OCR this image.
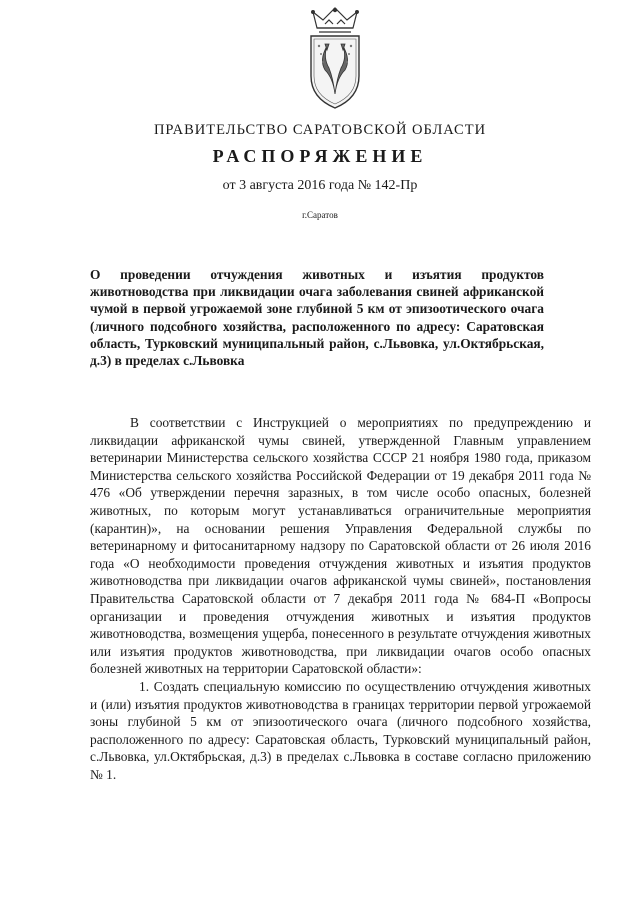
ПРАВИТЕЛЬСТВО САРАТОВСКОЙ ОБЛАСТИ
РАСПОРЯЖЕНИЕ
от 3 августа 2016 года № 142-Пр
г.Саратов
О проведении отчуждения животных и изъятия продуктов животноводства при ликвидации очага заболевания свиней африканской чумой в первой угрожаемой зоне глубиной 5 км от эпизоотического очага (личного подсобного хозяйства, расположенного по адресу: Саратовская область, Турковский муниципальный район, с.Львовка, ул.Октябрьская, д.3) в пределах с.Львовка

В соответствии с Инструкцией о мероприятиях по предупреждению и ликвидации африканской чумы свиней, утвержденной Главным управлением ветеринарии Министерства сельского хозяйства СССР 21 ноября 1980 года, приказом Министерства сельского хозяйства Российской Федерации от 19 декабря 2011 года № 476 «Об утверждении перечня заразных, в том числе особо опасных, болезней животных, по которым могут устанавливаться ограничительные мероприятия (карантин)», на основании решения Управления Федеральной службы по ветеринарному и фитосанитарному надзору по Саратовской области от 26 июля 2016 года «О необходимости проведения отчуждения животных и изъятия продуктов животноводства при ликвидации очагов африканской чумы свиней», постановления Правительства Саратовской области от 7 декабря 2011 года № 684-П «Вопросы организации и проведения отчуждения животных и изъятия продуктов животноводства, возмещения ущерба, понесенного в результате отчуждения животных или изъятия продуктов животноводства, при ликвидации очагов особо опасных болезней животных на территории Саратовской области»:

1. Создать специальную комиссию по осуществлению отчуждения животных и (или) изъятия продуктов животноводства в границах территории первой угрожаемой зоны глубиной 5 км от эпизоотического очага (личного подсобного хозяйства, расположенного по адресу: Саратовская область, Турковский муниципальный район, с.Львовка, ул.Октябрьская, д.3) в пределах с.Львовка в составе согласно приложению № 1.
